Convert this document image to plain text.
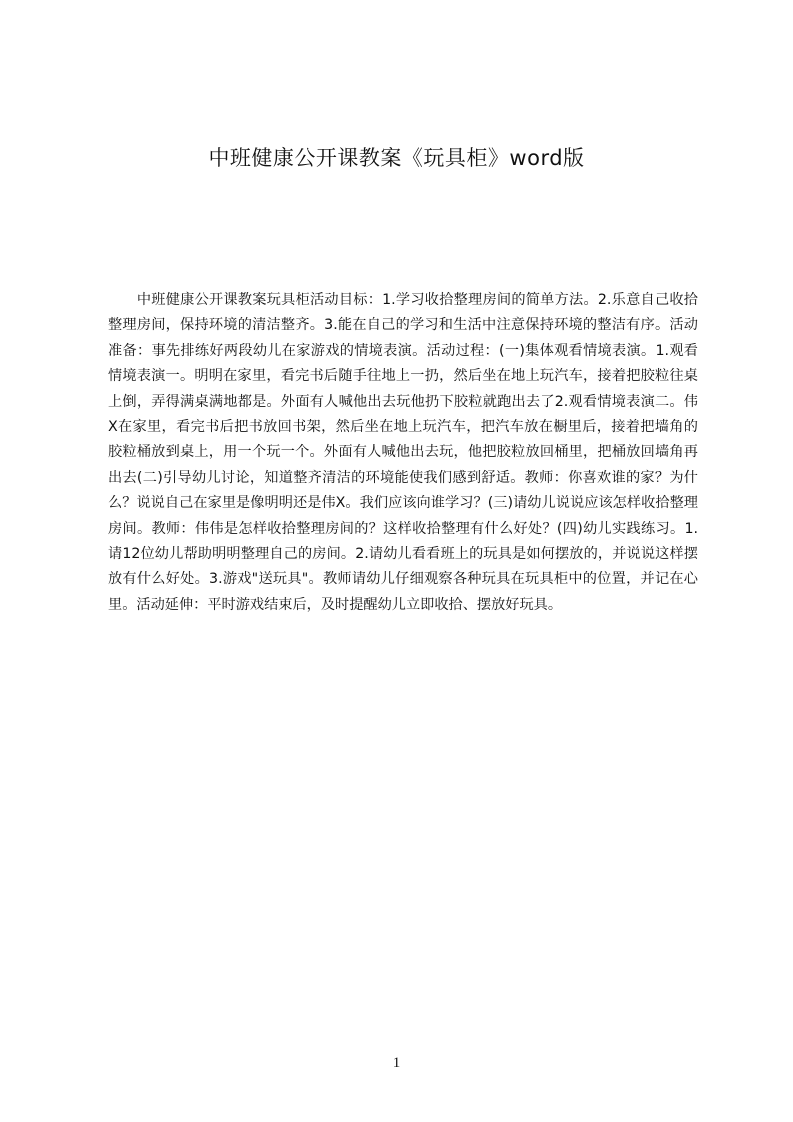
中班健康公开课教案《玩具柜》word版

　　中班健康公开课教案玩具柜活动目标：1.学习收拾整理房间的简单方法。2.乐意自己收拾整理房间，保持环境的清洁整齐。3.能在自己的学习和生活中注意保持环境的整洁有序。活动准备：事先排练好两段幼儿在家游戏的情境表演。活动过程：(一)集体观看情境表演。1.观看情境表演一。明明在家里，看完书后随手往地上一扔，然后坐在地上玩汽车，接着把胶粒往桌上倒，弄得满桌满地都是。外面有人喊他出去玩他扔下胶粒就跑出去了2.观看情境表演二。伟 X在家里，看完书后把书放回书架，然后坐在地上玩汽车，把汽车放在橱里后，接着把墙角的胶粒桶放到桌上，用一个玩一个。外面有人喊他出去玩，他把胶粒放回桶里，把桶放回墙角再出去(二)引导幼儿讨论，知道整齐清洁的环境能使我们感到舒适。教师：你喜欢谁的家？为什么？说说自己在家里是像明明还是伟X。我们应该向谁学习？(三)请幼儿说说应该怎样收拾整理房间。教师：伟伟是怎样收拾整理房间的？这样收拾整理有什么好处？(四)幼儿实践练习。1.请12位幼儿帮助明明整理自己的房间。2.请幼儿看看班上的玩具是如何摆放的，并说说这样摆放有什么好处。3.游戏"送玩具"。教师请幼儿仔细观察各种玩具在玩具柜中的位置，并记在心里。活动延伸：平时游戏结束后，及时提醒幼儿立即收拾、摆放好玩具。

1
